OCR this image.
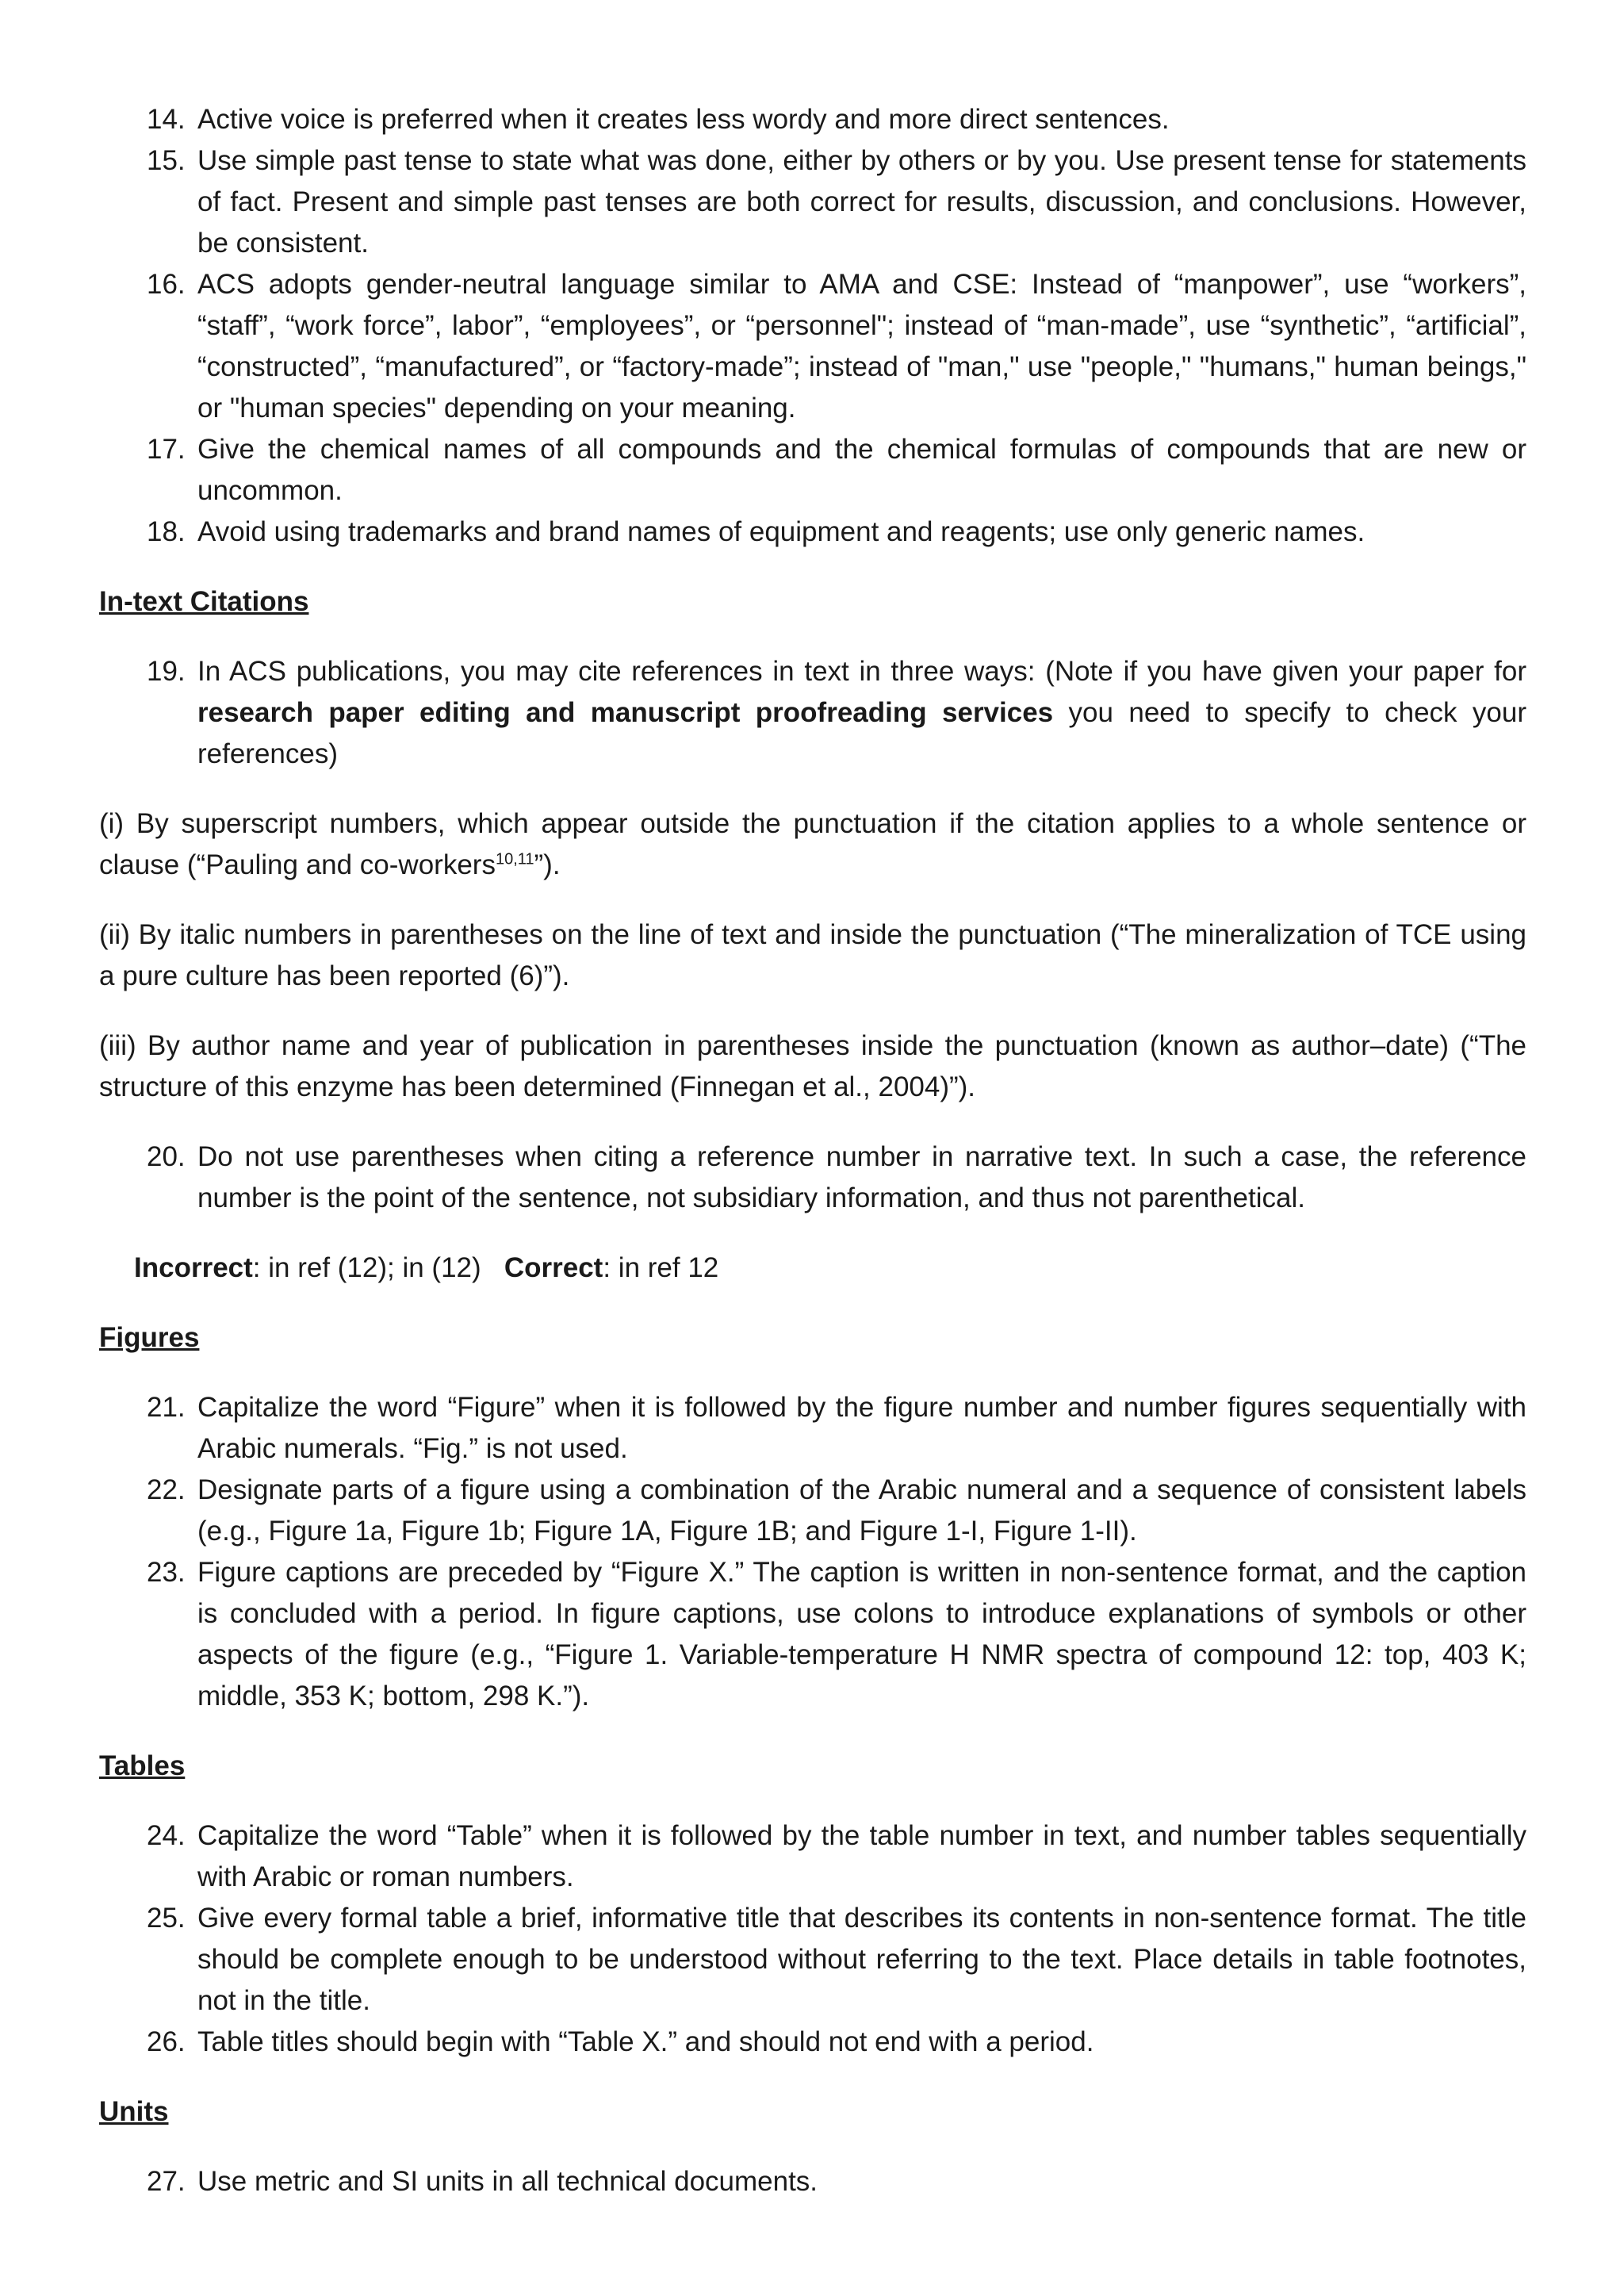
14. Active voice is preferred when it creates less wordy and more direct sentences.
15. Use simple past tense to state what was done, either by others or by you. Use present tense for statements of fact. Present and simple past tenses are both correct for results, discussion, and conclusions. However, be consistent.
16. ACS adopts gender-neutral language similar to AMA and CSE: Instead of “manpower”, use “workers”, “staff”, “work force”, labor”, “employees”, or “personnel"; instead of “man-made”, use “synthetic”, “artificial”, “constructed”, “manufactured”, or “factory-made”; instead of "man," use "people," "humans," human beings," or "human species" depending on your meaning.
17. Give the chemical names of all compounds and the chemical formulas of compounds that are new or uncommon.
18. Avoid using trademarks and brand names of equipment and reagents; use only generic names.
In-text Citations
19. In ACS publications, you may cite references in text in three ways: (Note if you have given your paper for research paper editing and manuscript proofreading services you need to specify to check your references)
(i) By superscript numbers, which appear outside the punctuation if the citation applies to a whole sentence or clause (“Pauling and co-workers$^{10,11}$”).
(ii) By italic numbers in parentheses on the line of text and inside the punctuation (“The mineralization of TCE using a pure culture has been reported (6)”).
(iii) By author name and year of publication in parentheses inside the punctuation (known as author–date) (“The structure of this enzyme has been determined (Finnegan et al., 2004)”).
20. Do not use parentheses when citing a reference number in narrative text. In such a case, the reference number is the point of the sentence, not subsidiary information, and thus not parenthetical.
Incorrect: in ref (12); in (12) Correct: in ref 12
Figures
21. Capitalize the word “Figure” when it is followed by the figure number and number figures sequentially with Arabic numerals. “Fig.” is not used.
22. Designate parts of a figure using a combination of the Arabic numeral and a sequence of consistent labels (e.g., Figure 1a, Figure 1b; Figure 1A, Figure 1B; and Figure 1-I, Figure 1-II).
23. Figure captions are preceded by “Figure X.” The caption is written in non-sentence format, and the caption is concluded with a period. In figure captions, use colons to introduce explanations of symbols or other aspects of the figure (e.g., “Figure 1. Variable-temperature H NMR spectra of compound 12: top, 403 K; middle, 353 K; bottom, 298 K.”).
Tables
24. Capitalize the word “Table” when it is followed by the table number in text, and number tables sequentially with Arabic or roman numbers.
25. Give every formal table a brief, informative title that describes its contents in non-sentence format. The title should be complete enough to be understood without referring to the text. Place details in table footnotes, not in the title.
26. Table titles should begin with “Table X.” and should not end with a period.
Units
27. Use metric and SI units in all technical documents.
